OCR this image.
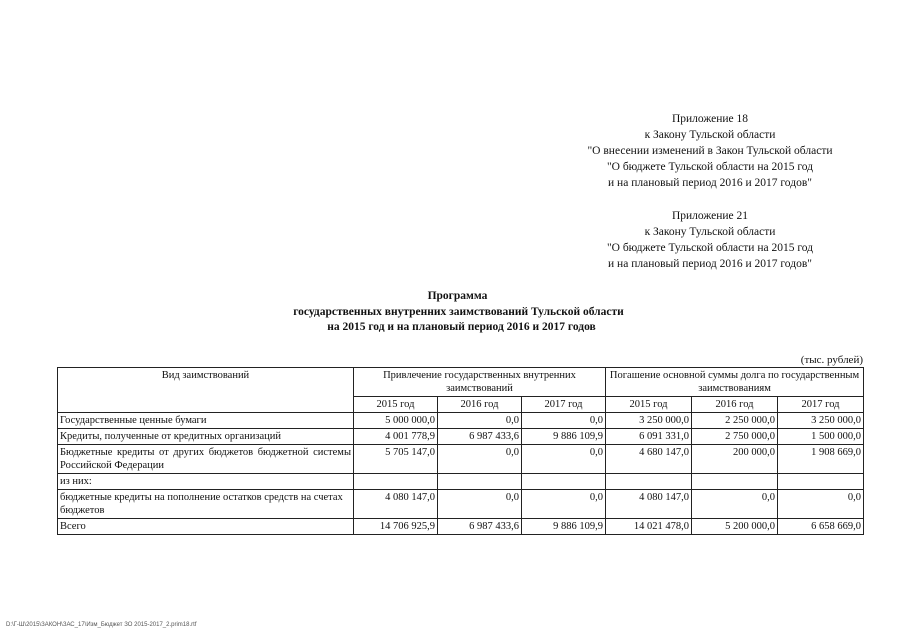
Приложение 18
к Закону Тульской области
"О внесении изменений в Закон Тульской области
"О бюджете Тульской области на 2015 год
и на плановый период 2016 и 2017 годов"
Приложение 21
к Закону Тульской области
"О бюджете Тульской области на 2015 год
и на плановый период 2016 и 2017 годов"
Программа
государственных внутренних заимствований Тульской области
на 2015 год и на плановый период 2016 и 2017 годов
(тыс. рублей)
Вид заимствований	Привлечение государственных внутренних заимствований			Погашение основной суммы долга по государственным заимствованиям		
	2015 год	2016 год	2017 год	2015 год	2016 год	2017 год
Государственные ценные бумаги	5 000 000,0	0,0	0,0	3 250 000,0	2 250 000,0	3 250 000,0
Кредиты, полученные от кредитных организаций	4 001 778,9	6 987 433,6	9 886 109,9	6 091 331,0	2 750 000,0	1 500 000,0
Бюджетные кредиты от других бюджетов бюджетной системы Российской Федерации	5 705 147,0	0,0	0,0	4 680 147,0	200 000,0	1 908 669,0
из них:						
бюджетные кредиты на пополнение остатков средств на счетах бюджетов	4 080 147,0	0,0	0,0	4 080 147,0	0,0	0,0
Всего	14 706 925,9	6 987 433,6	9 886 109,9	14 021 478,0	5 200 000,0	6 658 669,0
D:\Г-Ш\2015\ЗАКОН\ЗАС_17\Изм_Бюджет ЗО 2015-2017_2.prim18.rtf
